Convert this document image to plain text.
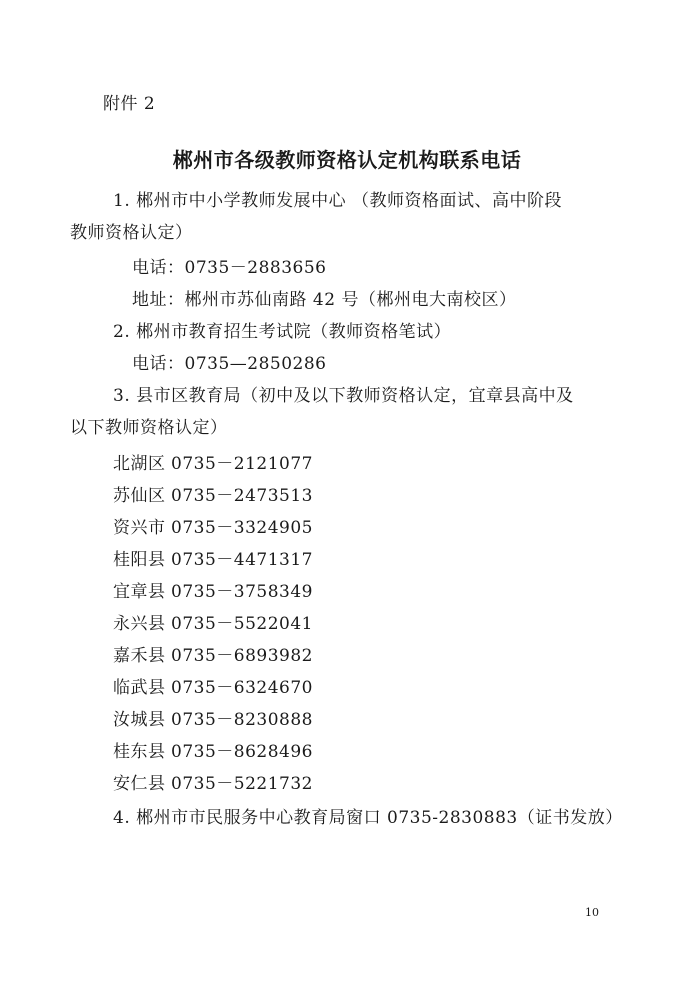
附件 2
郴州市各级教师资格认定机构联系电话
1. 郴州市中小学教师发展中心 （教师资格面试、高中阶段
教师资格认定）
电话：0735－2883656
地址：郴州市苏仙南路 42 号（郴州电大南校区）
2. 郴州市教育招生考试院（教师资格笔试）
电话：0735—2850286
3. 县市区教育局（初中及以下教师资格认定，宜章县高中及
以下教师资格认定）
北湖区 0735－2121077
苏仙区 0735－2473513
资兴市 0735－3324905
桂阳县 0735－4471317
宜章县 0735－3758349
永兴县 0735－5522041
嘉禾县 0735－6893982
临武县 0735－6324670
汝城县 0735－8230888
桂东县 0735－8628496
安仁县 0735－5221732
4. 郴州市市民服务中心教育局窗口 0735-2830883（证书发放）
10
